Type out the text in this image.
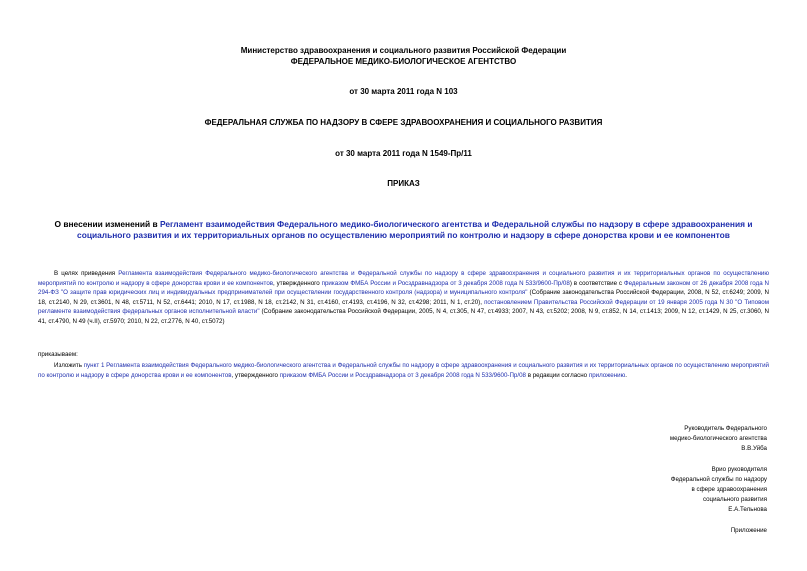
Министерство здравоохранения и социального развития Российской Федерации
ФЕДЕРАЛЬНОЕ МЕДИКО-БИОЛОГИЧЕСКОЕ АГЕНТСТВО
от 30 марта 2011 года N 103
ФЕДЕРАЛЬНАЯ СЛУЖБА ПО НАДЗОРУ В СФЕРЕ ЗДРАВООХРАНЕНИЯ И СОЦИАЛЬНОГО РАЗВИТИЯ
от 30 марта 2011 года N 1549-Пр/11
ПРИКАЗ
О внесении изменений в Регламент взаимодействия Федерального медико-биологического агентства и Федеральной службы по надзору в сфере здравоохранения и социального развития и их территориальных органов по осуществлению мероприятий по контролю и надзору в сфере донорства крови и ее компонентов
В целях приведения Регламента взаимодействия Федерального медико-биологического агентства и Федеральной службы по надзору в сфере здравоохранения и социального развития и их территориальных органов по осуществлению мероприятий по контролю и надзору в сфере донорства крови и ее компонентов, утвержденного приказом ФМБА России и Росздравнадзора от 3 декабря 2008 года N 533/9600-Пр/08) в соответствие с Федеральным законом от 26 декабря 2008 года N 294-ФЗ "О защите прав юридических лиц и индивидуальных предпринимателей при осуществлении государственного контроля (надзора) и муниципального контроля" (Собрание законодательства Российской Федерации, 2008, N 52, ст.6249; 2009, N 18, ст.2140, N 29, ст.3601, N 48, ст.5711, N 52, ст.6441; 2010, N 17, ст.1988, N 18, ст.2142, N 31, ст.4160, ст.4193, ст.4196, N 32, ст.4298; 2011, N 1, ст.20), постановлением Правительства Российской Федерации от 19 января 2005 года N 30 "О Типовом регламенте взаимодействия федеральных органов исполнительной власти" (Собрание законодательства Российской Федерации, 2005, N 4, ст.305, N 47, ст.4933; 2007, N 43, ст.5202; 2008, N 9, ст.852, N 14, ст.1413; 2009, N 12, ст.1429, N 25, ст.3060, N 41, ст.4790, N 49 (ч.II), ст.5970; 2010, N 22, ст.2776, N 40, ст.5072)
приказываем:
Изложить пункт 1 Регламента взаимодействия Федерального медико-биологического агентства и Федеральной службы по надзору в сфере здравоохранения и социального развития и их территориальных органов по осуществлению мероприятий по контролю и надзору в сфере донорства крови и ее компонентов, утвержденного приказом ФМБА России и Росздравнадзора от 3 декабря 2008 года N 533/9600-Пр/08 в редакции согласно приложению.
Руководитель Федерального
медико-биологического агентства
В.В.Уйба
Врио руководителя
Федеральной службы по надзору
в сфере здравоохранения
социального развития
Е.А.Тельнова
Приложение
